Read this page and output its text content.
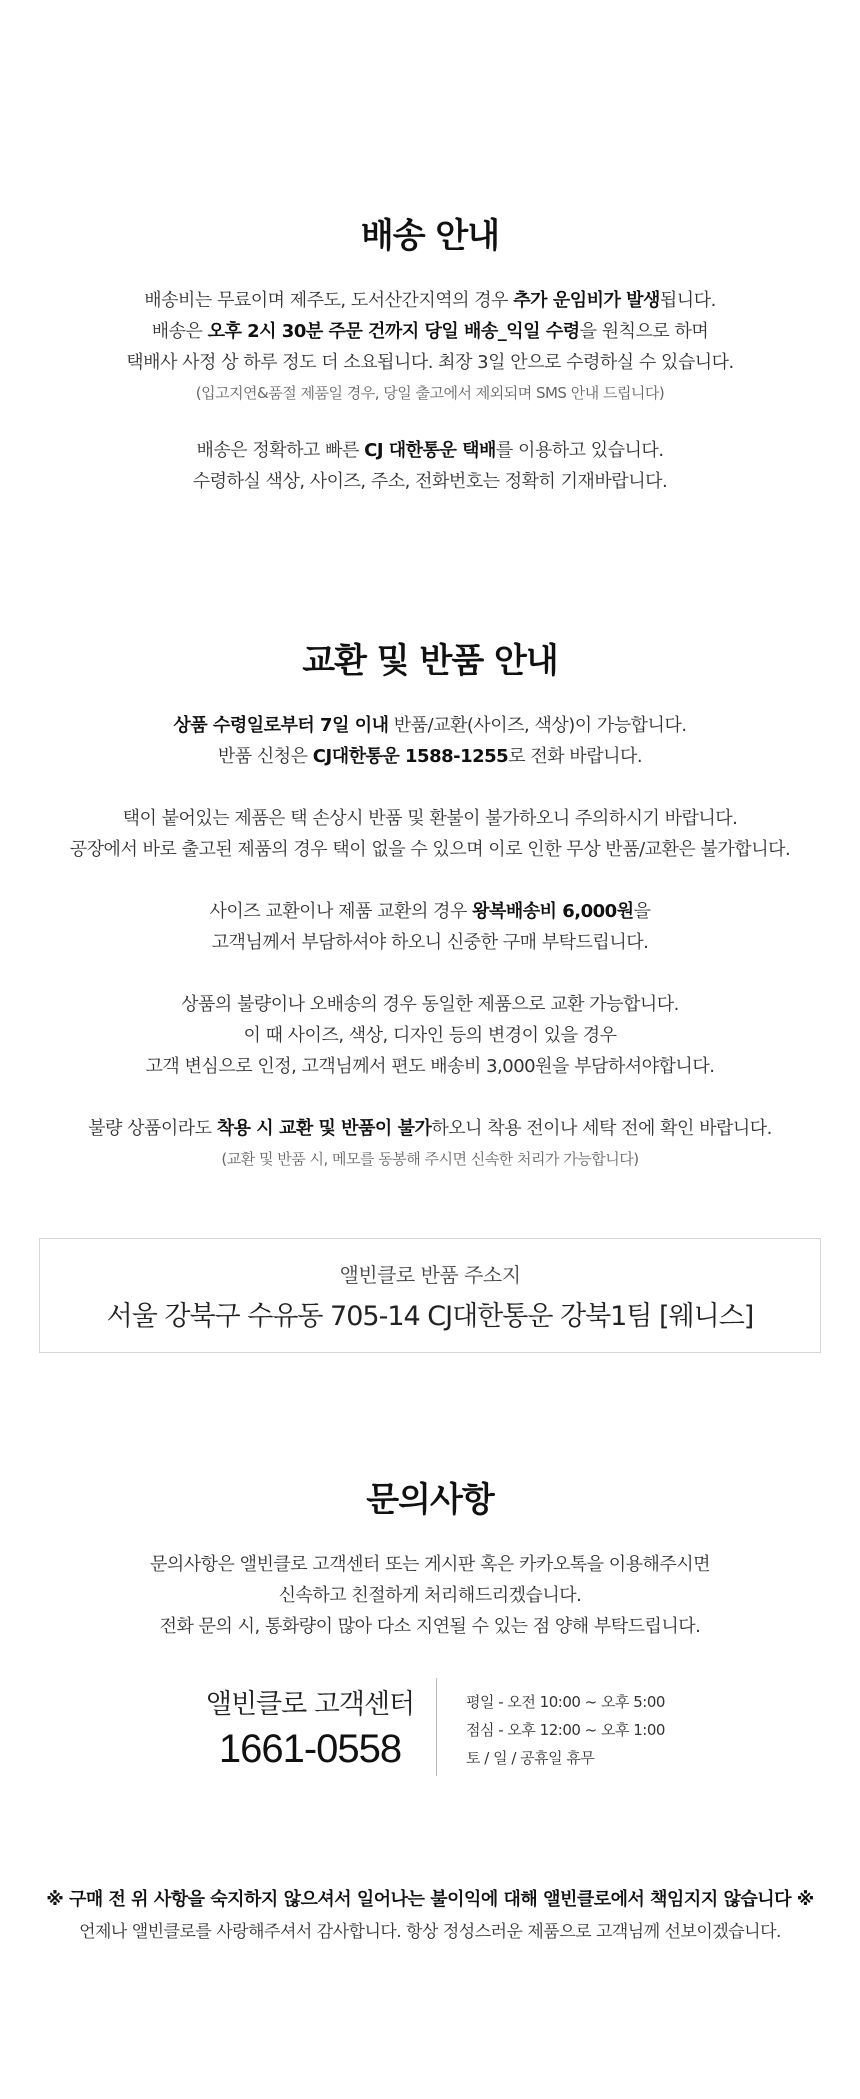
배송 안내
배송비는 무료이며 제주도, 도서산간지역의 경우 추가 운임비가 발생됩니다.
배송은 오후 2시 30분 주문 건까지 당일 배송_익일 수령을 원칙으로 하며
택배사 사정 상 하루 정도 더 소요됩니다. 최장 3일 안으로 수령하실 수 있습니다.
(입고지연&품절 제품일 경우, 당일 출고에서 제외되며 SMS 안내 드립니다)
배송은 정확하고 빠른 CJ 대한통운 택배를 이용하고 있습니다.
수령하실 색상, 사이즈, 주소, 전화번호는 정확히 기재바랍니다.
교환 및 반품 안내
상품 수령일로부터 7일 이내 반품/교환(사이즈, 색상)이 가능합니다.
반품 신청은 CJ대한통운 1588-1255로 전화 바랍니다.
택이 붙어있는 제품은 택 손상시 반품 및 환불이 불가하오니 주의하시기 바랍니다.
공장에서 바로 출고된 제품의 경우 택이 없을 수 있으며 이로 인한 무상 반품/교환은 불가합니다.
사이즈 교환이나 제품 교환의 경우 왕복배송비 6,000원을
고객님께서 부담하셔야 하오니 신중한 구매 부탁드립니다.
상품의 불량이나 오배송의 경우 동일한 제품으로 교환 가능합니다.
이 때 사이즈, 색상, 디자인 등의 변경이 있을 경우
고객 변심으로 인정, 고객님께서 편도 배송비 3,000원을 부담하셔야합니다.
불량 상품이라도 착용 시 교환 및 반품이 불가하오니 착용 전이나 세탁 전에 확인 바랍니다.
(교환 및 반품 시, 메모를 동봉해 주시면 신속한 처리가 가능합니다)
앨빈클로 반품 주소지
서울 강북구 수유동 705-14 CJ대한통운 강북1팀 [웨니스]
문의사항
문의사항은 앨빈클로 고객센터 또는 게시판 혹은 카카오톡을 이용해주시면
신속하고 친절하게 처리해드리겠습니다.
전화 문의 시, 통화량이 많아 다소 지연될 수 있는 점 양해 부탁드립니다.
앨빈클로 고객센터
1661-0558
평일 - 오전 10:00 ~ 오후 5:00
점심 - 오후 12:00 ~ 오후 1:00
토 / 일 / 공휴일 휴무
※ 구매 전 위 사항을 숙지하지 않으셔서 일어나는 불이익에 대해 앨빈클로에서 책임지지 않습니다 ※
언제나 앨빈클로를 사랑해주셔서 감사합니다. 항상 정성스러운 제품으로 고객님께 선보이겠습니다.
